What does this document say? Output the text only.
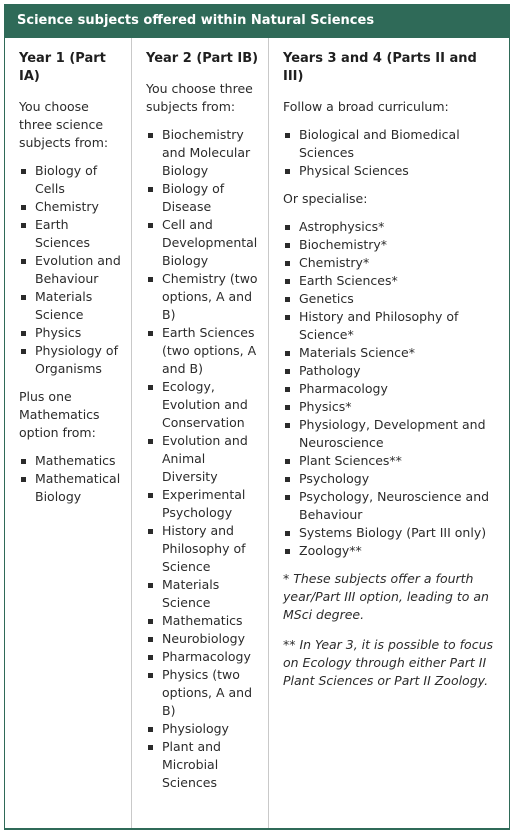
Science subjects offered within Natural Sciences
Year 1 (Part IA)

You choose three science subjects from:

Biology of Cells
Chemistry
Earth Sciences
Evolution and Behaviour
Materials Science
Physics
Physiology of Organisms

Plus one Mathematics option from:

Mathematics
Mathematical Biology
Year 2 (Part IB)

You choose three subjects from:

Biochemistry and Molecular Biology
Biology of Disease
Cell and Developmental Biology
Chemistry (two options, A and B)
Earth Sciences (two options, A and B)
Ecology, Evolution and Conservation
Evolution and Animal Diversity
Experimental Psychology
History and Philosophy of Science
Materials Science
Mathematics
Neurobiology
Pharmacology
Physics (two options, A and B)
Physiology
Plant and Microbial Sciences
Years 3 and 4 (Parts II and III)

Follow a broad curriculum:

Biological and Biomedical Sciences
Physical Sciences

Or specialise:

Astrophysics*
Biochemistry*
Chemistry*
Earth Sciences*
Genetics
History and Philosophy of Science*
Materials Science*
Pathology
Pharmacology
Physics*
Physiology, Development and Neuroscience
Plant Sciences**
Psychology
Psychology, Neuroscience and Behaviour
Systems Biology (Part III only)
Zoology**

* These subjects offer a fourth year/Part III option, leading to an MSci degree.

** In Year 3, it is possible to focus on Ecology through either Part II Plant Sciences or Part II Zoology.
